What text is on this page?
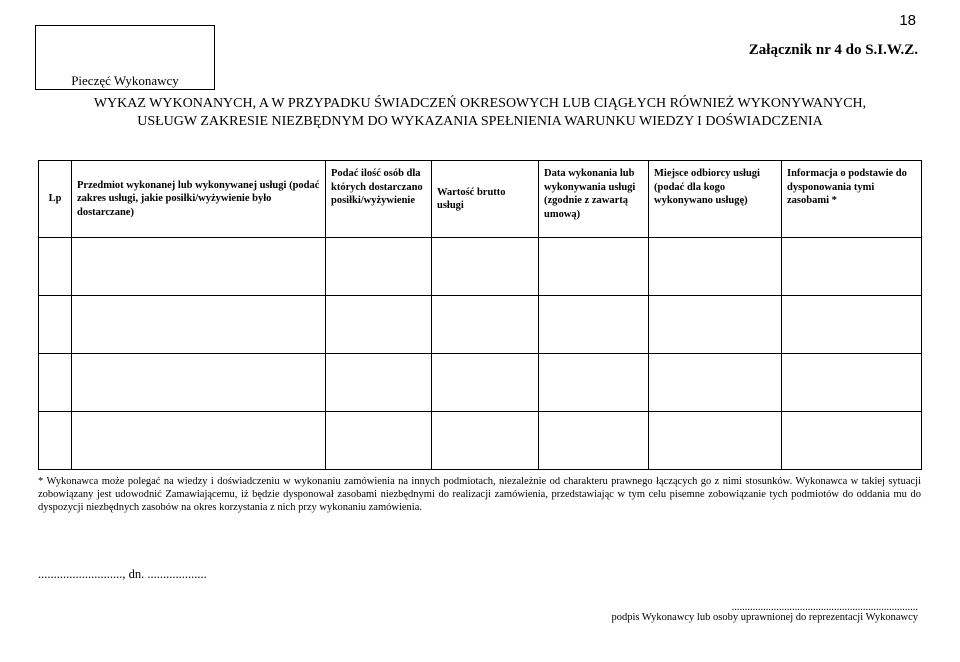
18
Pieczęć Wykonawcy
Załącznik nr 4 do S.I.W.Z.
WYKAZ WYKONANYCH, A W PRZYPADKU ŚWIADCZEŃ OKRESOWYCH LUB CIĄGŁYCH RÓWNIEŻ WYKONYWANYCH,
USŁUGW ZAKRESIE NIEZBĘDNYM DO WYKAZANIA SPEŁNIENIA WARUNKU WIEDZY I DOŚWIADCZENIA
Lp	Przedmiot wykonanej lub wykonywanej usługi (podać zakres usługi, jakie posiłki/wyżywienie było dostarczane)	Podać ilość osób dla których dostarczano posiłki/wyżywienie	Wartość brutto usługi	Data wykonania lub wykonywania usługi (zgodnie z zawartą umową)	Miejsce odbiorcy usługi (podać dla kogo wykonywano usługę)	Informacja o podstawie do dysponowania tymi zasobami *

* Wykonawca może polegać na wiedzy i doświadczeniu w wykonaniu zamówienia na innych podmiotach, niezależnie od charakteru prawnego łączących go z nimi stosunków. Wykonawca w takiej sytuacji zobowiązany jest udowodnić Zamawiającemu, iż będzie dysponował zasobami niezbędnymi do realizacji zamówienia, przedstawiając w tym celu pisemne zobowiązanie tych podmiotów do oddania mu do dyspozycji niezbędnych zasobów na okres korzystania z nich przy wykonaniu zamówienia.
..........................., dn. ...................
.......................................................................
podpis Wykonawcy lub osoby uprawnionej do reprezentacji Wykonawcy
